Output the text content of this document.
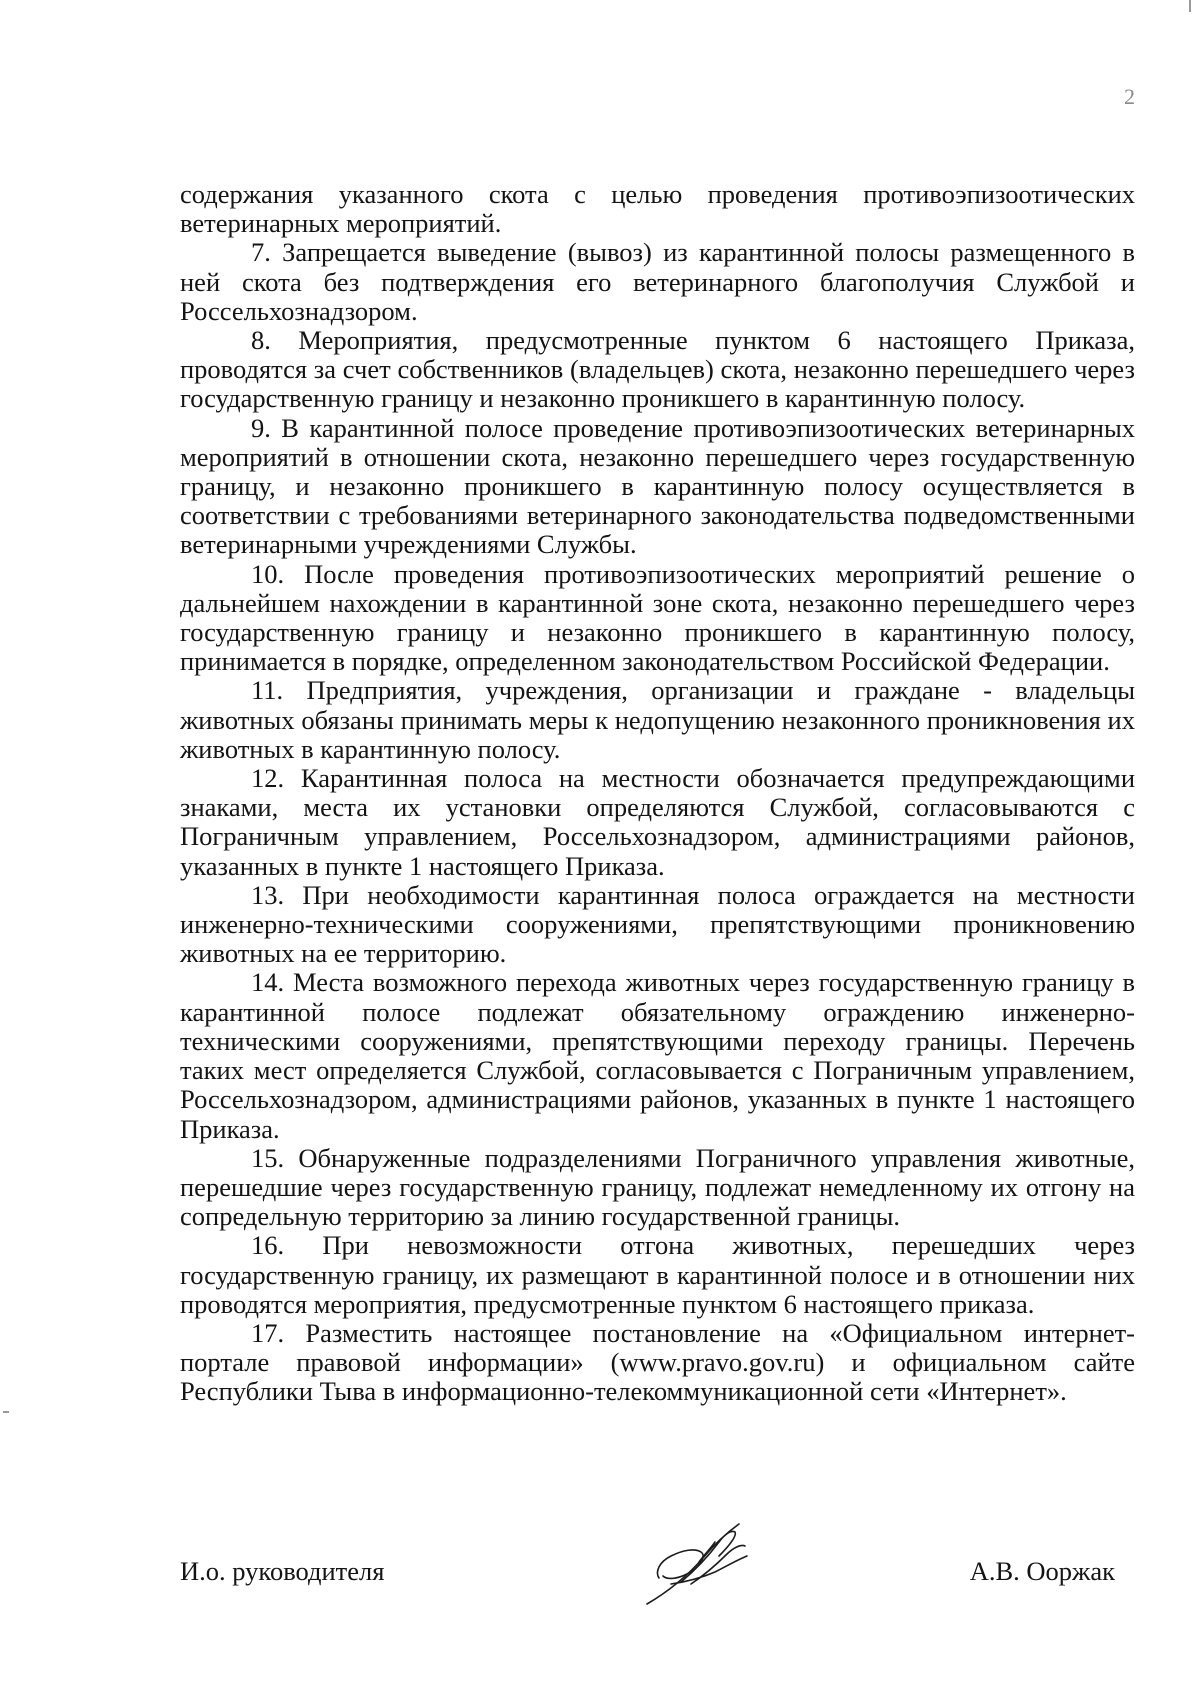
2

содержания указанного скота с целью проведения противоэпизоотических ветеринарных мероприятий.

7. Запрещается выведение (вывоз) из карантинной полосы размещенного в ней скота без подтверждения его ветеринарного благополучия Службой и Россельхознадзором.

8. Мероприятия, предусмотренные пунктом 6 настоящего Приказа, проводятся за счет собственников (владельцев) скота, незаконно перешедшего через государственную границу и незаконно проникшего в карантинную полосу.

9. В карантинной полосе проведение противоэпизоотических ветеринарных мероприятий в отношении скота, незаконно перешедшего через государственную границу, и незаконно проникшего в карантинную полосу осуществляется в соответствии с требованиями ветеринарного законодательства подведомственными ветеринарными учреждениями Службы.

10. После проведения противоэпизоотических мероприятий решение о дальнейшем нахождении в карантинной зоне скота, незаконно перешедшего через государственную границу и незаконно проникшего в карантинную полосу, принимается в порядке, определенном законодательством Российской Федерации.

11. Предприятия, учреждения, организации и граждане - владельцы животных обязаны принимать меры к недопущению незаконного проникновения их животных в карантинную полосу.

12. Карантинная полоса на местности обозначается предупреждающими знаками, места их установки определяются Службой, согласовываются с Пограничным управлением, Россельхознадзором, администрациями районов, указанных в пункте 1 настоящего Приказа.

13. При необходимости карантинная полоса ограждается на местности инженерно-техническими сооружениями, препятствующими проникновению животных на ее территорию.

14. Места возможного перехода животных через государственную границу в карантинной полосе подлежат обязательному ограждению инженерно- техническими сооружениями, препятствующими переходу границы. Перечень таких мест определяется Службой, согласовывается с Пограничным управлением, Россельхознадзором, администрациями районов, указанных в пункте 1 настоящего Приказа.

15. Обнаруженные подразделениями Пограничного управления животные, перешедшие через государственную границу, подлежат немедленному их отгону на сопредельную территорию за линию государственной границы.

16. При невозможности отгона животных, перешедших через государственную границу, их размещают в карантинной полосе и в отношении них проводятся мероприятия, предусмотренные пунктом 6 настоящего приказа.

17. Разместить настоящее постановление на «Официальном интернет-портале правовой информации» (www.pravo.gov.ru) и официальном сайте Республики Тыва в информационно-телекоммуникационной сети «Интернет».

И.о. руководителя	А.В. Ооржак
